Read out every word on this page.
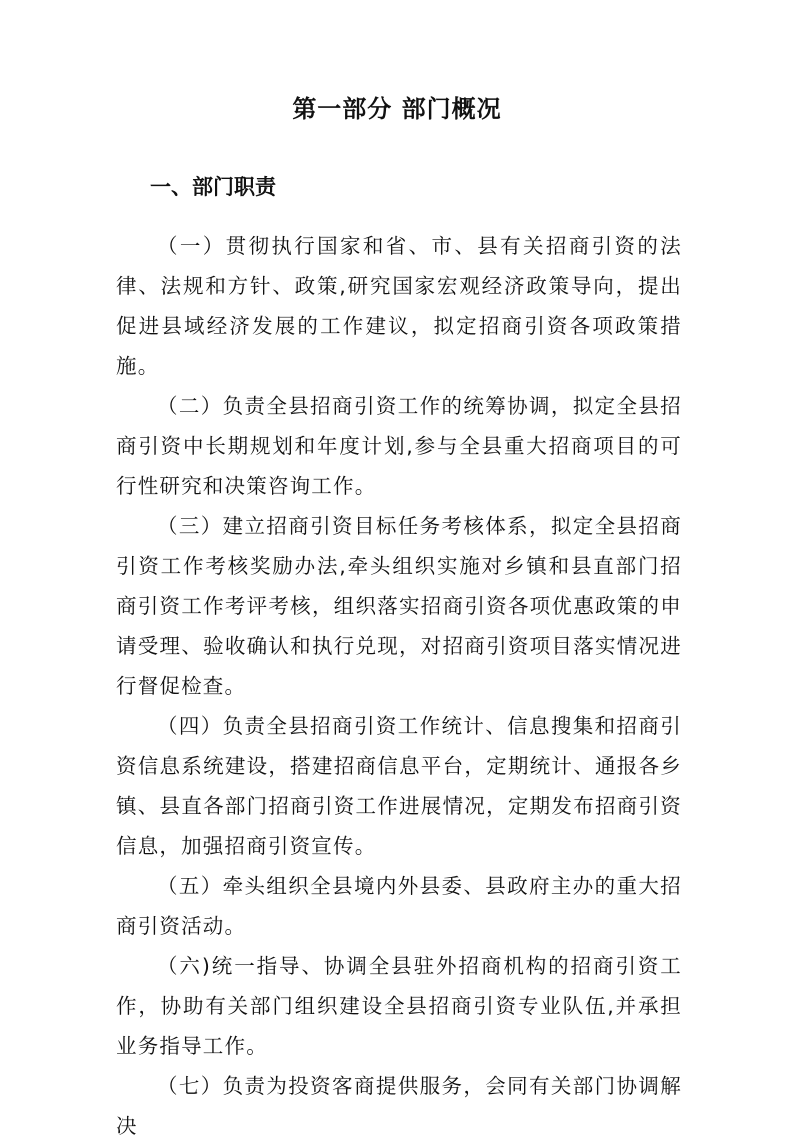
第一部分 部门概况
一、部门职责

（一）贯彻执行国家和省、市、县有关招商引资的法律、法规和方针、政策,研究国家宏观经济政策导向，提出促进县域经济发展的工作建议，拟定招商引资各项政策措施。

（二）负责全县招商引资工作的统筹协调，拟定全县招商引资中长期规划和年度计划,参与全县重大招商项目的可行性研究和决策咨询工作。

（三）建立招商引资目标任务考核体系，拟定全县招商引资工作考核奖励办法,牵头组织实施对乡镇和县直部门招商引资工作考评考核，组织落实招商引资各项优惠政策的申请受理、验收确认和执行兑现，对招商引资项目落实情况进行督促检查。

（四）负责全县招商引资工作统计、信息搜集和招商引资信息系统建设，搭建招商信息平台，定期统计、通报各乡镇、县直各部门招商引资工作进展情况，定期发布招商引资信息，加强招商引资宣传。

（五）牵头组织全县境内外县委、县政府主办的重大招商引资活动。

（六)统一指导、协调全县驻外招商机构的招商引资工作，协助有关部门组织建设全县招商引资专业队伍,并承担业务指导工作。

（七）负责为投资客商提供服务，会同有关部门协调解决
